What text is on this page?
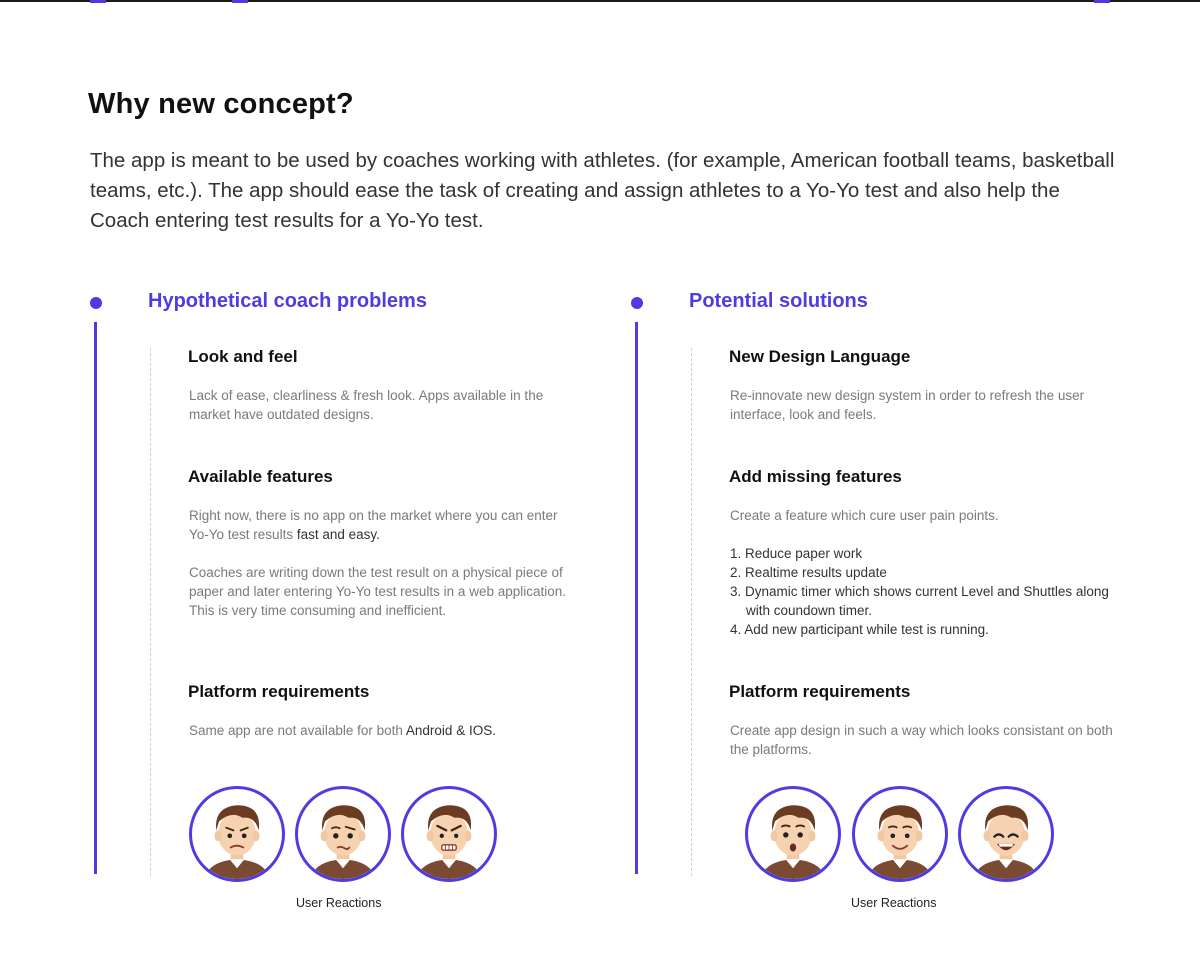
Why new concept?

The app is meant to be used by coaches working with athletes. (for example, American football teams, basketball teams, etc.). The app should ease the task of creating and assign athletes to a Yo-Yo test and also help the Coach entering test results for a Yo-Yo test.

Hypothetical coach problems
Look and feel

Lack of ease, clearliness & fresh look. Apps available in the market have outdated designs.

Available features

Right now, there is no app on the market where you can enter Yo-Yo test results fast and easy.

Coaches are writing down the test result on a physical piece of paper and later entering Yo-Yo test results in a web application. This is very time consuming and inefficient.

Platform requirements

Same app are not available for both Android & IOS.

User Reactions

Potential solutions
New Design Language

Re-innovate new design system in order to refresh the user interface, look and feels.

Add missing features

Create a feature which cure user pain points.

1. Reduce paper work
2. Realtime results update
3. Dynamic timer which shows current Level and Shuttles along with coundown timer.
4. Add new participant while test is running.
Platform requirements

Create app design in such a way which looks consistant on both the platforms.

User Reactions
